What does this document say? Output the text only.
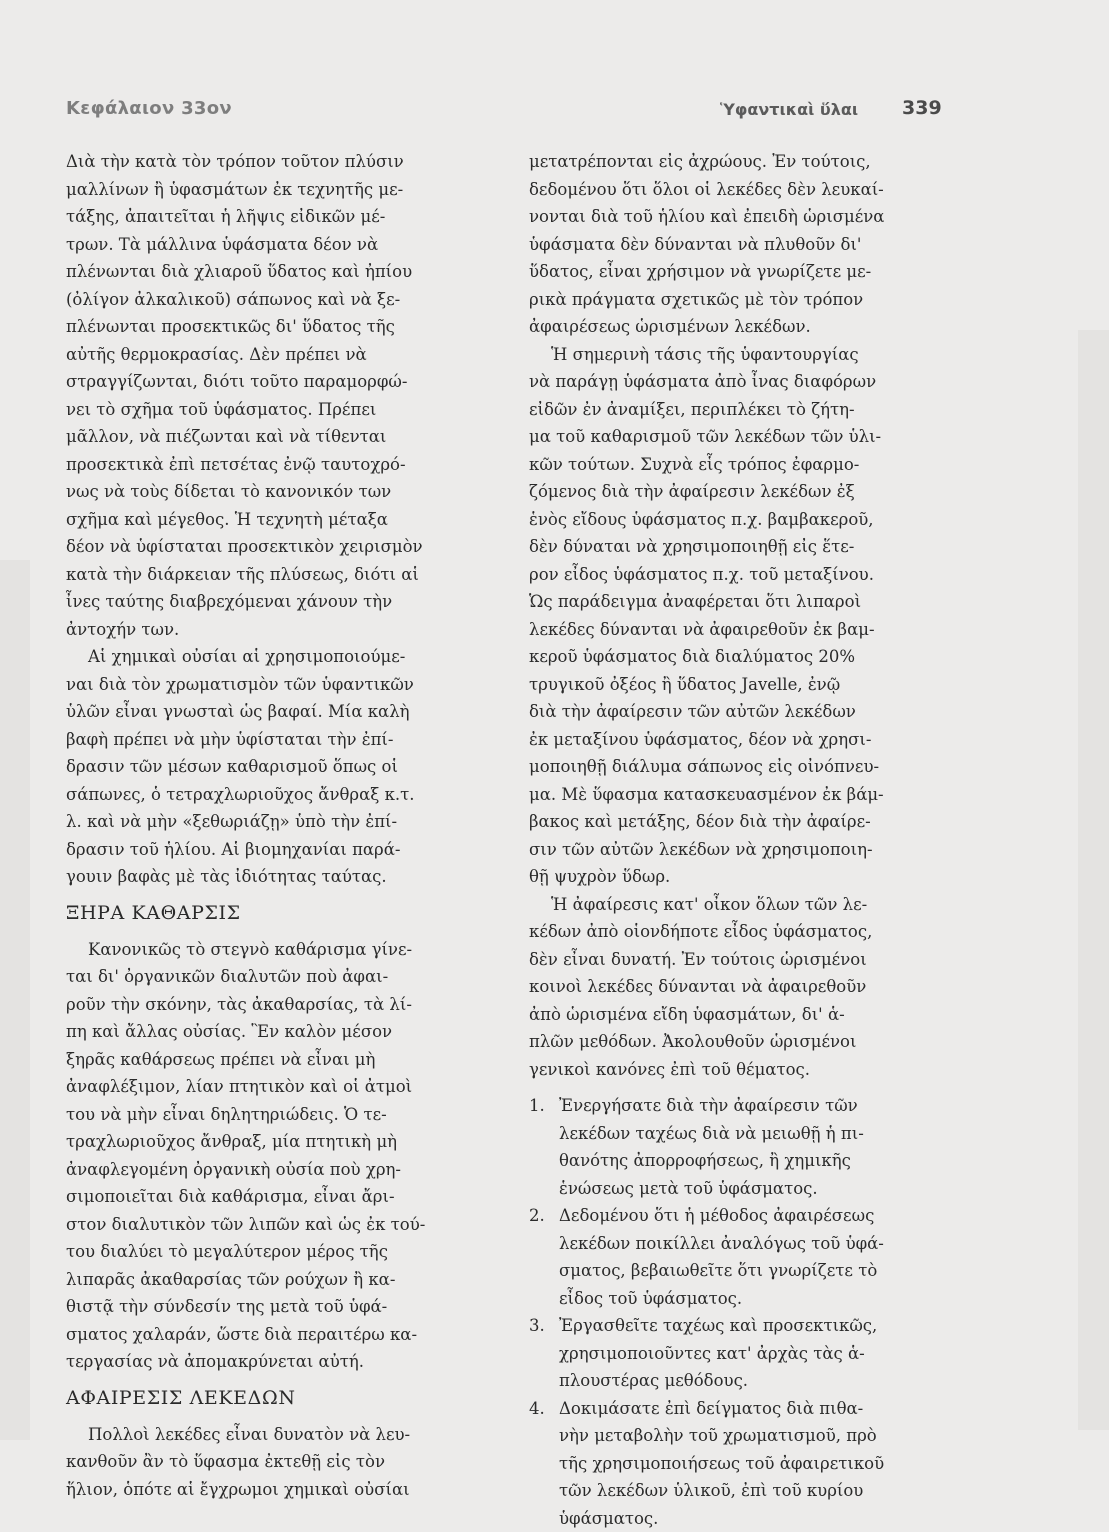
Κεφάλαιον 33ον	Ὑφαντικαὶ ὕλαι 339
Διὰ τὴν κατὰ τὸν τρόπον τοῦτον πλύσιν
μαλλίνων ἢ ὑφασμάτων ἐκ τεχνητῆς με-
τάξης, ἀπαιτεῖται ἡ λῆψις εἰδικῶν μέ-
τρων. Τὰ μάλλινα ὑφάσματα δέον νὰ
πλένωνται διὰ χλιαροῦ ὕδατος καὶ ἠπίου
(ὀλίγον ἀλκαλικοῦ) σάπωνος καὶ νὰ ξε-
πλένωνται προσεκτικῶς δι' ὕδατος τῆς
αὐτῆς θερμοκρασίας. Δὲν πρέπει νὰ
στραγγίζωνται, διότι τοῦτο παραμορφώ-
νει τὸ σχῆμα τοῦ ὑφάσματος. Πρέπει
μᾶλλον, νὰ πιέζωνται καὶ νὰ τίθενται
προσεκτικὰ ἐπὶ πετσέτας ἐνῷ ταυτοχρό-
νως νὰ τοὺς δίδεται τὸ κανονικόν των
σχῆμα καὶ μέγεθος. Ἡ τεχνητὴ μέταξα
δέον νὰ ὑφίσταται προσεκτικὸν χειρισμὸν
κατὰ τὴν διάρκειαν τῆς πλύσεως, διότι αἱ
ἶνες ταύτης διαβρεχόμεναι χάνουν τὴν
ἀντοχήν των.
Αἱ χημικαὶ οὐσίαι αἱ χρησιμοποιούμε-
ναι διὰ τὸν χρωματισμὸν τῶν ὑφαντικῶν
ὑλῶν εἶναι γνωσταὶ ὡς βαφαί. Μία καλὴ
βαφὴ πρέπει νὰ μὴν ὑφίσταται τὴν ἐπί-
δρασιν τῶν μέσων καθαρισμοῦ ὅπως οἱ
σάπωνες, ὁ τετραχλωριοῦχος ἄνθραξ κ.τ.
λ. καὶ νὰ μὴν «ξεθωριάζῃ» ὑπὸ τὴν ἐπί-
δρασιν τοῦ ἡλίου. Αἱ βιομηχανίαι παρά-
γουιν βαφὰς μὲ τὰς ἰδιότητας ταύτας.
ΞΗΡΑ ΚΑΘΑΡΣΙΣ
Κανονικῶς τὸ στεγνὸ καθάρισμα γίνε-
ται δι' ὀργανικῶν διαλυτῶν ποὺ ἀφαι-
ροῦν τὴν σκόνην, τὰς ἀκαθαρσίας, τὰ λί-
πη καὶ ἄλλας οὐσίας. Ἓν καλὸν μέσον
ξηρᾶς καθάρσεως πρέπει νὰ εἶναι μὴ
ἀναφλέξιμον, λίαν πτητικὸν καὶ οἱ ἀτμοὶ
του νὰ μὴν εἶναι δηλητηριώδεις. Ὁ τε-
τραχλωριοῦχος ἄνθραξ, μία πτητικὴ μὴ
ἀναφλεγομένη ὀργανικὴ οὐσία ποὺ χρη-
σιμοποιεῖται διὰ καθάρισμα, εἶναι ἄρι-
στον διαλυτικὸν τῶν λιπῶν καὶ ὡς ἐκ τού-
του διαλύει τὸ μεγαλύτερον μέρος τῆς
λιπαρᾶς ἀκαθαρσίας τῶν ρούχων ἢ κα-
θιστᾷ τὴν σύνδεσίν της μετὰ τοῦ ὑφά-
σματος χαλαράν, ὥστε διὰ περαιτέρω κα-
τεργασίας νὰ ἀπομακρύνεται αὐτή.
ΑΦΑΙΡΕΣΙΣ ΛΕΚΕΔΩΝ
Πολλοὶ λεκέδες εἶναι δυνατὸν νὰ λευ-
κανθοῦν ἂν τὸ ὕφασμα ἐκτεθῇ εἰς τὸν
ἥλιον, ὁπότε αἱ ἔγχρωμοι χημικαὶ οὐσίαι
μετατρέπονται εἰς ἀχρώους. Ἐν τούτοις,
δεδομένου ὅτι ὅλοι οἱ λεκέδες δὲν λευκαί-
νονται διὰ τοῦ ἡλίου καὶ ἐπειδὴ ὡρισμένα
ὑφάσματα δὲν δύνανται νὰ πλυθοῦν δι'
ὕδατος, εἶναι χρήσιμον νὰ γνωρίζετε με-
ρικὰ πράγματα σχετικῶς μὲ τὸν τρόπον
ἀφαιρέσεως ὡρισμένων λεκέδων.
Ἡ σημερινὴ τάσις τῆς ὑφαντουργίας
νὰ παράγῃ ὑφάσματα ἀπὸ ἶνας διαφόρων
εἰδῶν ἐν ἀναμίξει, περιπλέκει τὸ ζήτη-
μα τοῦ καθαρισμοῦ τῶν λεκέδων τῶν ὑλι-
κῶν τούτων. Συχνὰ εἷς τρόπος ἐφαρμο-
ζόμενος διὰ τὴν ἀφαίρεσιν λεκέδων ἐξ
ἑνὸς εἴδους ὑφάσματος π.χ. βαμβακεροῦ,
δὲν δύναται νὰ χρησιμοποιηθῇ εἰς ἕτε-
ρον εἶδος ὑφάσματος π.χ. τοῦ μεταξίνου.
Ὡς παράδειγμα ἀναφέρεται ὅτι λιπαροὶ
λεκέδες δύνανται νὰ ἀφαιρεθοῦν ἐκ βαμ-
κεροῦ ὑφάσματος διὰ διαλύματος 20%
τρυγικοῦ ὀξέος ἢ ὕδατος Javelle, ἐνῷ
διὰ τὴν ἀφαίρεσιν τῶν αὐτῶν λεκέδων
ἐκ μεταξίνου ὑφάσματος, δέον νὰ χρησι-
μοποιηθῇ διάλυμα σάπωνος εἰς οἰνόπνευ-
μα. Μὲ ὕφασμα κατασκευασμένον ἐκ βάμ-
βακος καὶ μετάξης, δέον διὰ τὴν ἀφαίρε-
σιν τῶν αὐτῶν λεκέδων νὰ χρησιμοποιη-
θῇ ψυχρὸν ὕδωρ.
Ἡ ἀφαίρεσις κατ' οἶκον ὅλων τῶν λε-
κέδων ἀπὸ οἱονδήποτε εἶδος ὑφάσματος,
δὲν εἶναι δυνατή. Ἐν τούτοις ὡρισμένοι
κοινοὶ λεκέδες δύνανται νὰ ἀφαιρεθοῦν
ἀπὸ ὡρισμένα εἴδη ὑφασμάτων, δι' ἁ-
πλῶν μεθόδων. Ἀκολουθοῦν ὡρισμένοι
γενικοὶ κανόνες ἐπὶ τοῦ θέματος.
1. Ἐνεργήσατε διὰ τὴν ἀφαίρεσιν τῶν
λεκέδων ταχέως διὰ νὰ μειωθῇ ἡ πι-
θανότης ἀπορροφήσεως, ἢ χημικῆς
ἑνώσεως μετὰ τοῦ ὑφάσματος.
2. Δεδομένου ὅτι ἡ μέθοδος ἀφαιρέσεως
λεκέδων ποικίλλει ἀναλόγως τοῦ ὑφά-
σματος, βεβαιωθεῖτε ὅτι γνωρίζετε τὸ
εἶδος τοῦ ὑφάσματος.
3. Ἐργασθεῖτε ταχέως καὶ προσεκτικῶς,
χρησιμοποιοῦντες κατ' ἀρχὰς τὰς ἁ-
πλουστέρας μεθόδους.
4. Δοκιμάσατε ἐπὶ δείγματος διὰ πιθα-
νὴν μεταβολὴν τοῦ χρωματισμοῦ, πρὸ
τῆς χρησιμοποιήσεως τοῦ ἀφαιρετικοῦ
τῶν λεκέδων ὑλικοῦ, ἐπὶ τοῦ κυρίου
ὑφάσματος.
